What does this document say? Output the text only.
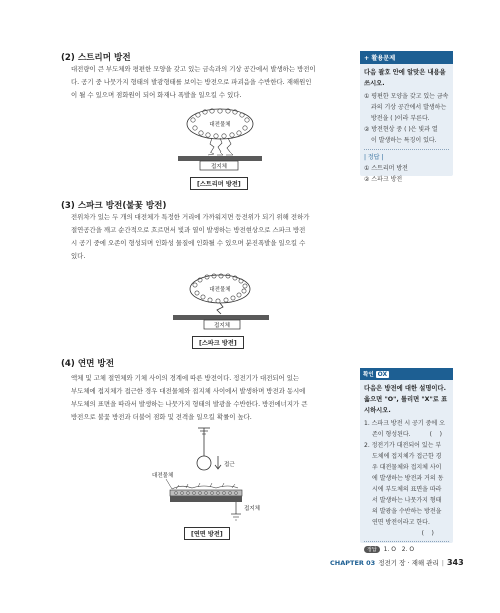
(2) 스트리머 방전
대전량이 큰 부도체와 평편한 모양을 갖고 있는 금속과의 기상 공간에서 발생하는 방전이
다. 공기 중 나뭇가지 형태의 발광형태를 보이는 방전으로 파괴음을 수반한다. 재해원인
이 될 수 있으며 점화원이 되어 화재나 폭발을 일으킬 수 있다.
대전물체
접지체
[스트리머 방전]
(3) 스파크 방전(불꽃 방전)
전위차가 있는 두 개의 대전체가 특정한 거리에 가까워지면 등전위가 되기 위해 전하가
절연공간을 깨고 순간적으로 흐르면서 빛과 열이 발생하는 방전현상으로 스파크 방전
시 공기 중에 오존이 형성되며 인화성 물질에 인화될 수 있으며 분진폭발을 일으킬 수
있다.
대전물체
접지체
[스파크 방전]
(4) 연면 방전
액체 및 고체 절연체와 기체 사이의 경계에 따른 방전이다. 정전기가 대전되어 있는
부도체에 접지체가 접근한 경우 대전물체와 접지체 사이에서 발생하며 방전과 동시에
부도체의 표면을 따라서 발생하는 나뭇가지 형태의 발광을 수반한다. 방전에너지가 큰
방전으로 불꽃 방전과 더불어 점화 및 전격을 일으킬 확률이 높다.
접근
대전물체
접지체
[연면 방전]
+ 활용문제
다음 괄호 안에 알맞은 내용을 쓰시오.
① 평편한 모양을 갖고 있는 금속
과의 기상 공간에서 발생하는
방전을 ( )이라 부른다.
② 방전현상 중 ( )은 빛과 열
이 발생하는 특징이 있다.
| 정답 |
① 스트리머 방전
② 스파크 방전
확인 OX
다음은 방전에 대한 설명이다. 옳으면 "O", 틀리면 "X"로 표시하시오.
1. 스파크 방전 시 공기 중에 오
존이 형성된다.          (    )
2. 정전기가 대전되어 있는 부
도체에 접지체가 접근한 경
우 대전물체와 접지체 사이
에 발생하는 방전과 거의 동
시에 부도체의 표면을 따라
서 발생하는 나뭇가지 형태
의 발광을 수반하는 방전을
연면 방전이라고 한다.
(    )
정답	1. O   2. O
CHAPTER 03 정전기 장 · 재해 관리 | 343
